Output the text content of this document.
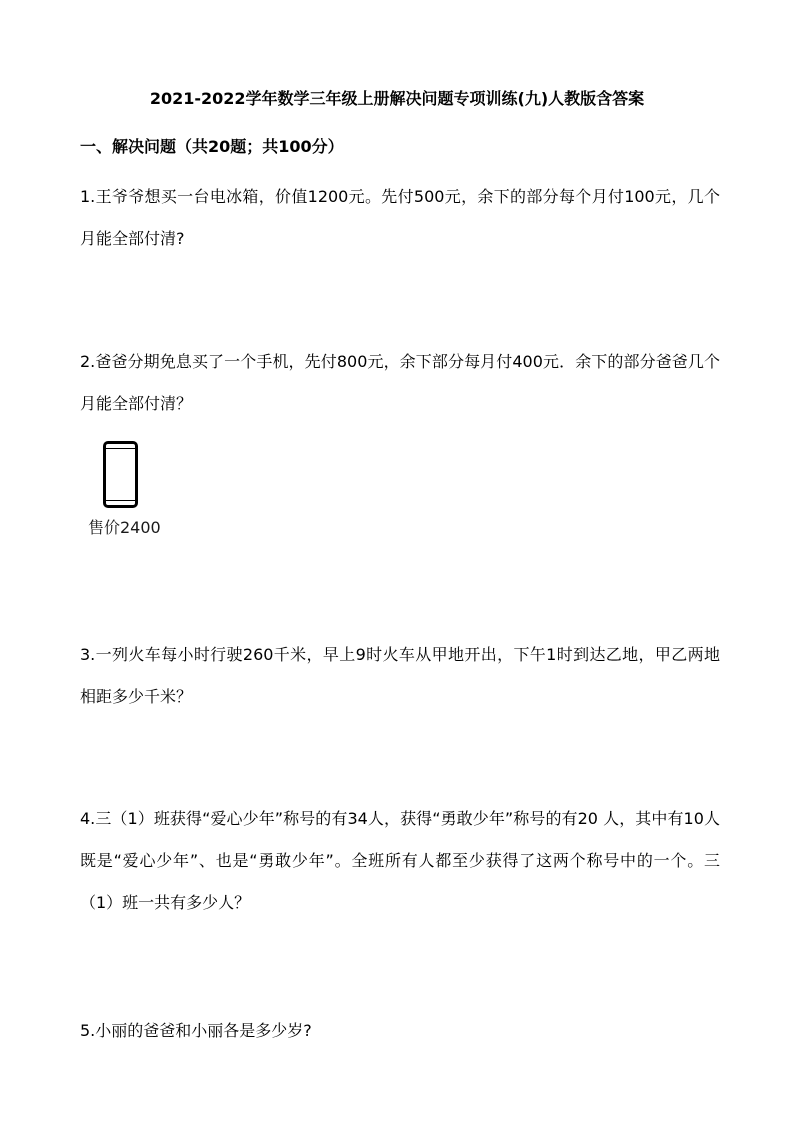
2021-2022学年数学三年级上册解决问题专项训练(九)人教版含答案
一、解决问题（共20题；共100分）
1.王爷爷想买一台电冰箱，价值1200元。先付500元，余下的部分每个月付100元，几个月能全部付清?
2.爸爸分期免息买了一个手机，先付800元，余下部分每月付400元．余下的部分爸爸几个月能全部付清？
售价2400
3.一列火车每小时行驶260千米，早上9时火车从甲地开出，下午1时到达乙地，甲乙两地相距多少千米？
4.三（1）班获得“爱心少年”称号的有34人，获得“勇敢少年”称号的有20 人，其中有10人既是“爱心少年”、也是“勇敢少年”。全班所有人都至少获得了这两个称号中的一个。三（1）班一共有多少人？
5.小丽的爸爸和小丽各是多少岁?
